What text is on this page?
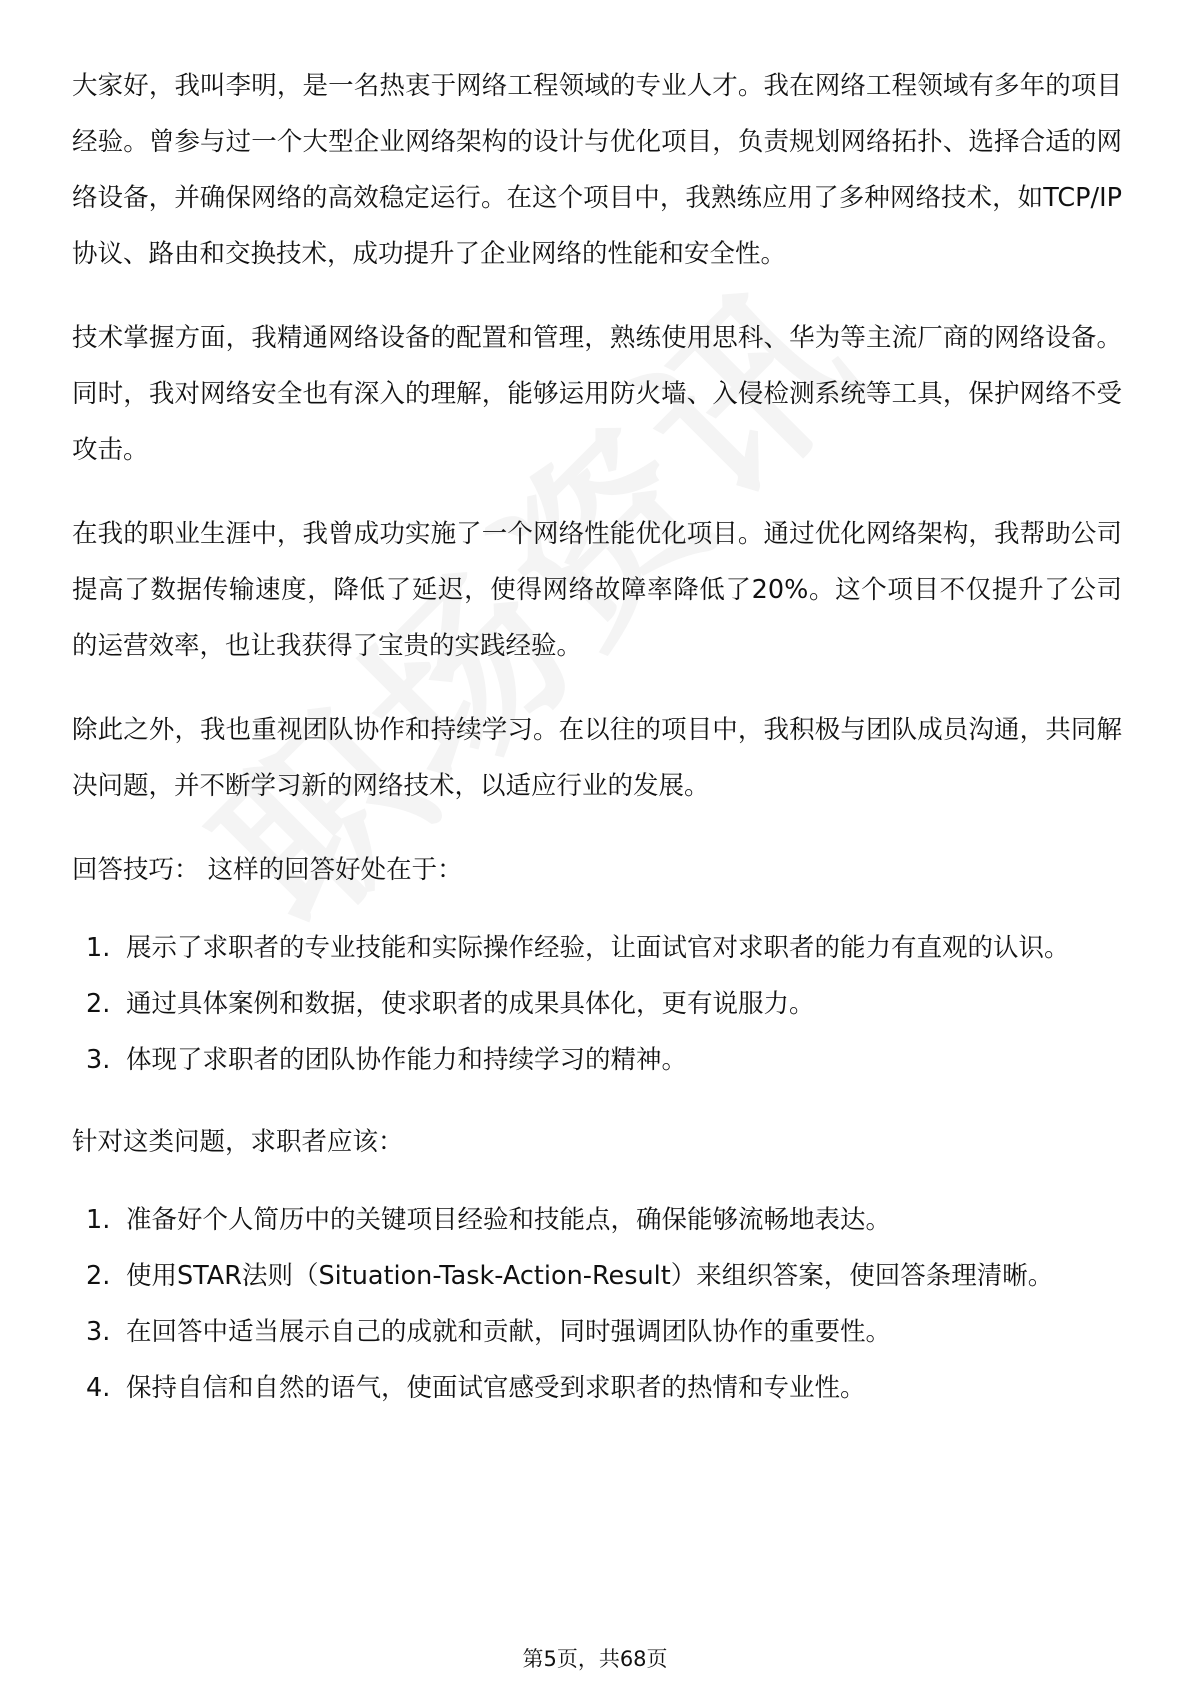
大家好，我叫李明，是一名热衷于网络工程领域的专业人才。我在网络工程领域有多年的项目经验。曾参与过一个大型企业网络架构的设计与优化项目，负责规划网络拓扑、选择合适的网络设备，并确保网络的高效稳定运行。在这个项目中，我熟练应用了多种网络技术，如TCP/IP协议、路由和交换技术，成功提升了企业网络的性能和安全性。

技术掌握方面，我精通网络设备的配置和管理，熟练使用思科、华为等主流厂商的网络设备。同时，我对网络安全也有深入的理解，能够运用防火墙、入侵检测系统等工具，保护网络不受攻击。

在我的职业生涯中，我曾成功实施了一个网络性能优化项目。通过优化网络架构，我帮助公司提高了数据传输速度，降低了延迟，使得网络故障率降低了20%。这个项目不仅提升了公司的运营效率，也让我获得了宝贵的实践经验。

除此之外，我也重视团队协作和持续学习。在以往的项目中，我积极与团队成员沟通，共同解决问题，并不断学习新的网络技术，以适应行业的发展。

回答技巧： 这样的回答好处在于：

1. 展示了求职者的专业技能和实际操作经验，让面试官对求职者的能力有直观的认识。
2. 通过具体案例和数据，使求职者的成果具体化，更有说服力。
3. 体现了求职者的团队协作能力和持续学习的精神。

针对这类问题，求职者应该：

1. 准备好个人简历中的关键项目经验和技能点，确保能够流畅地表达。
2. 使用STAR法则（Situation-Task-Action-Result）来组织答案，使回答条理清晰。
3. 在回答中适当展示自己的成就和贡献，同时强调团队协作的重要性。
4. 保持自信和自然的语气，使面试官感受到求职者的热情和专业性。
第5页，共68页
